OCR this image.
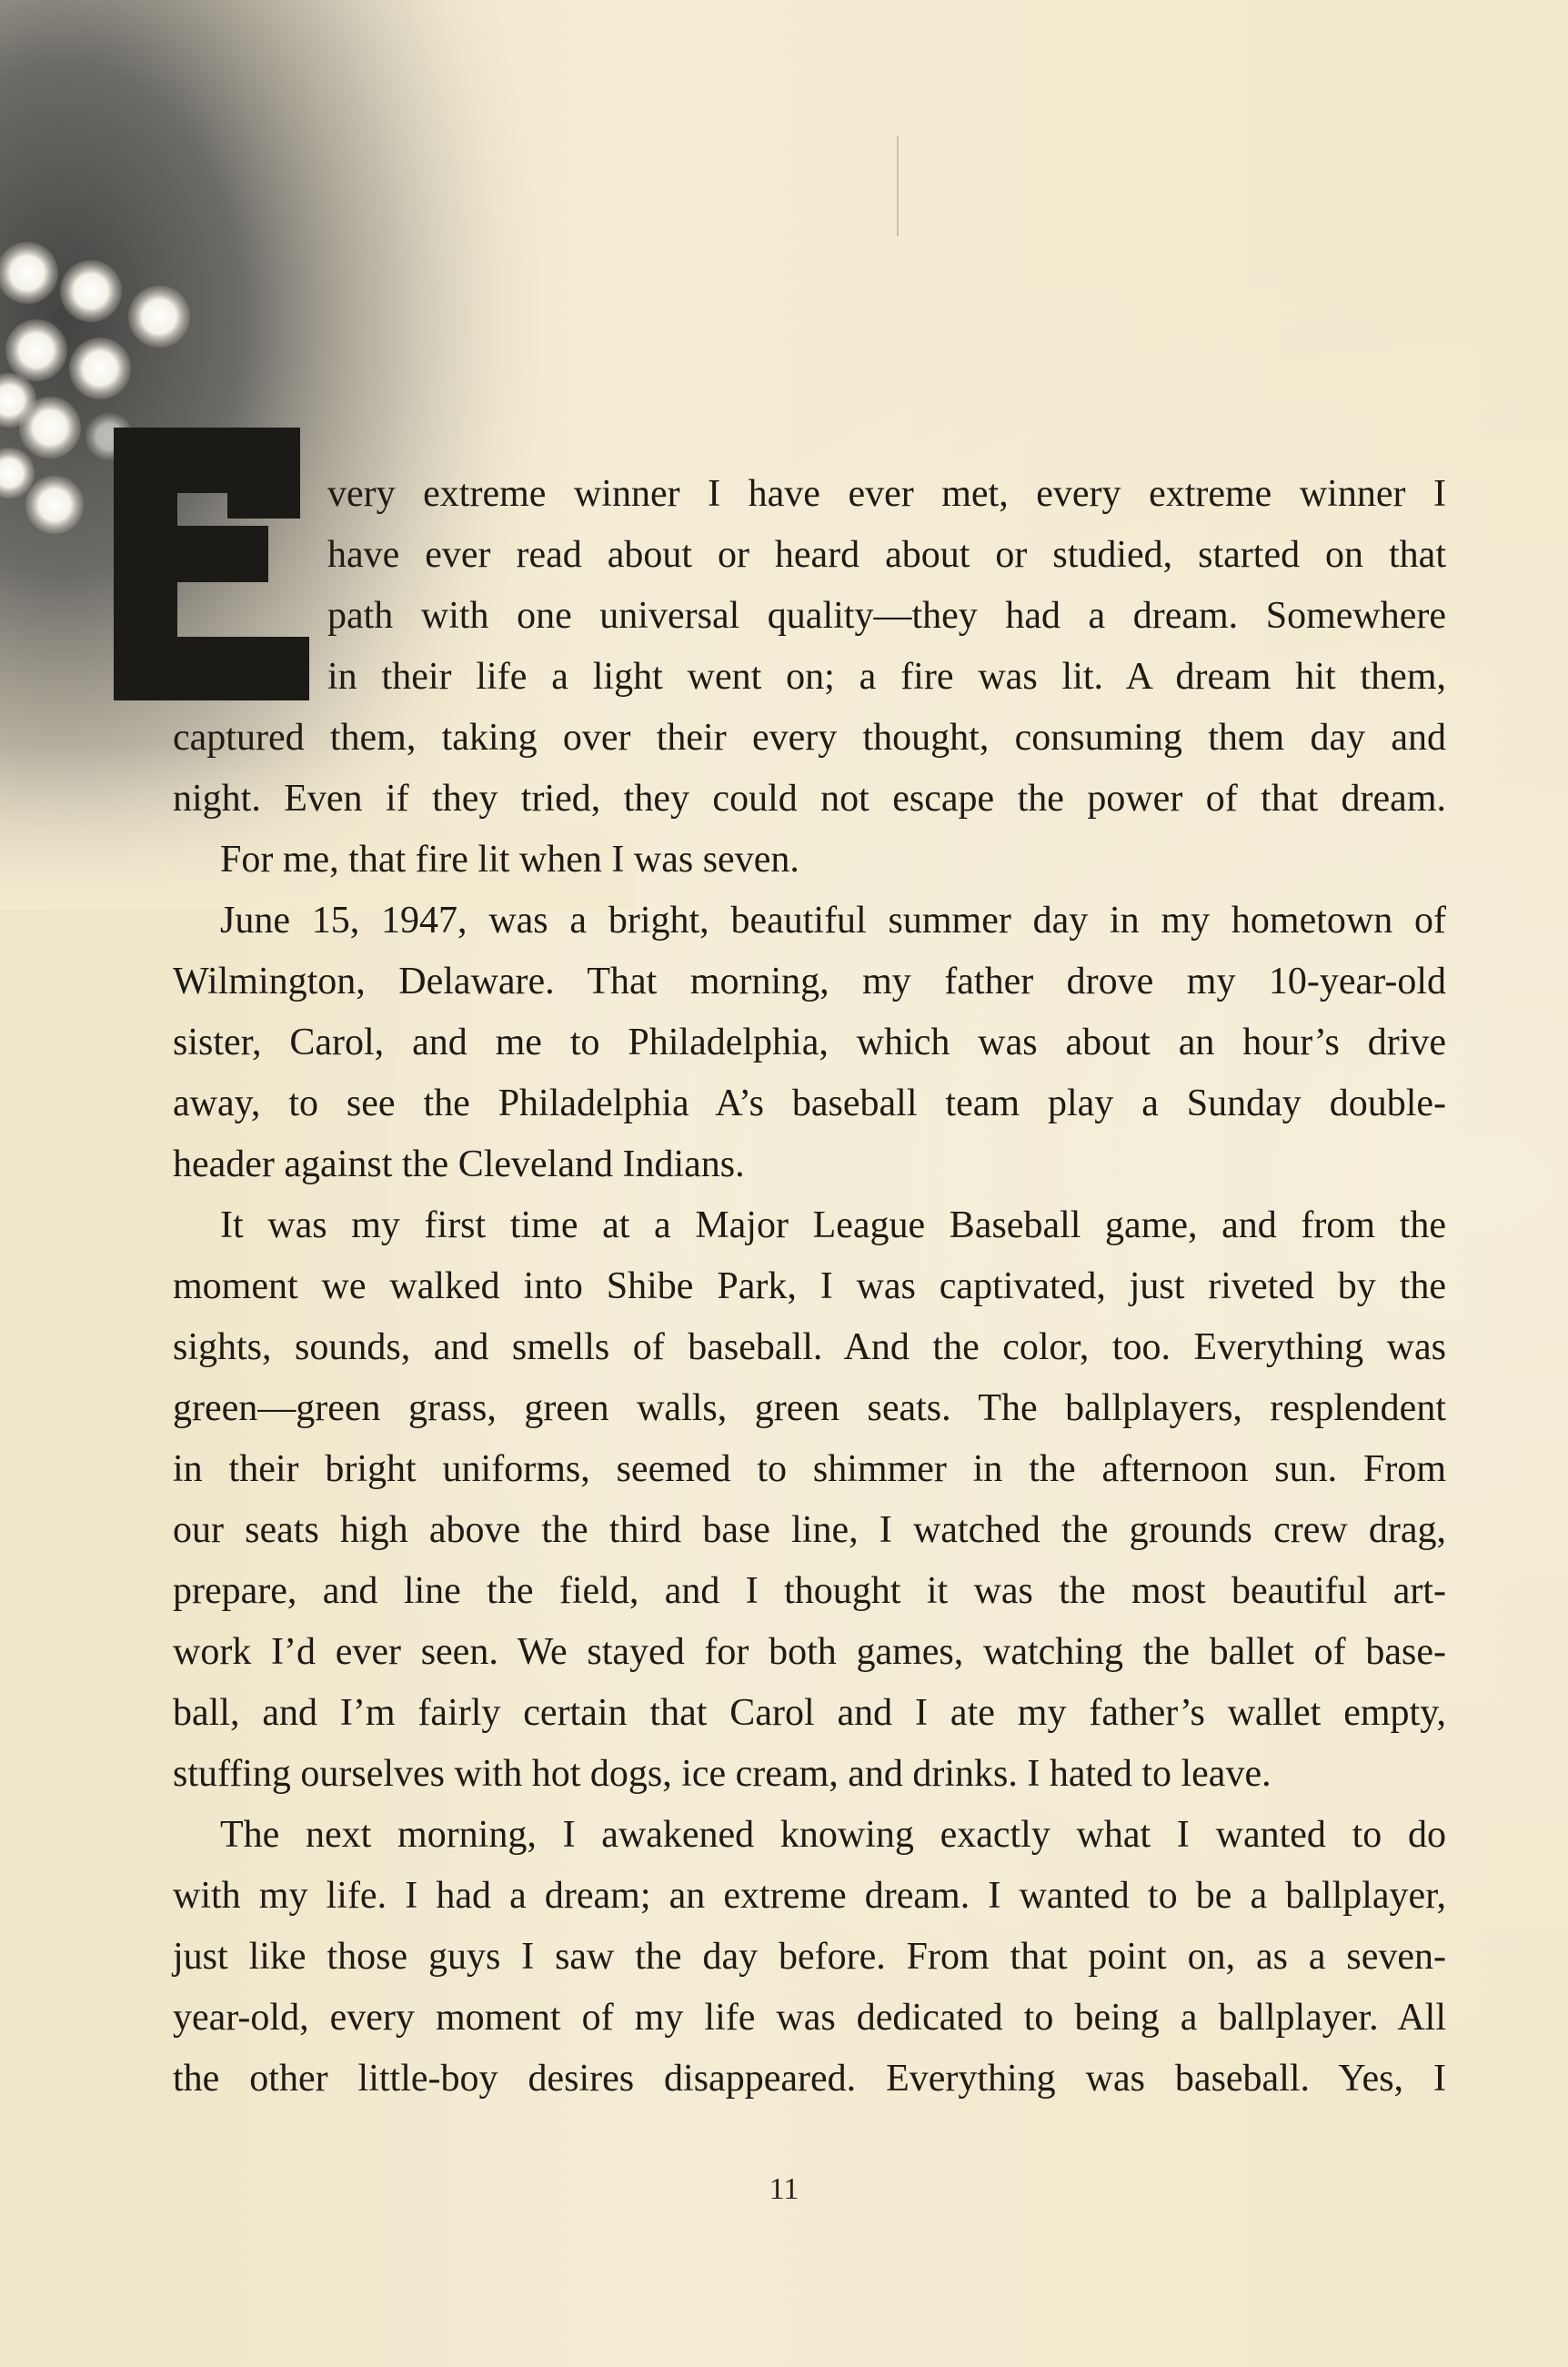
very extreme winner I have ever met, every extreme winner I
have ever read about or heard about or studied, started on that
path with one universal quality—they had a dream. Somewhere
in their life a light went on; a fire was lit. A dream hit them,
captured them, taking over their every thought, consuming them day and
night. Even if they tried, they could not escape the power of that dream.
For me, that fire lit when I was seven.
June 15, 1947, was a bright, beautiful summer day in my hometown of
Wilmington, Delaware. That morning, my father drove my 10-year-old
sister, Carol, and me to Philadelphia, which was about an hour’s drive
away, to see the Philadelphia A’s baseball team play a Sunday double-
header against the Cleveland Indians.
It was my first time at a Major League Baseball game, and from the
moment we walked into Shibe Park, I was captivated, just riveted by the
sights, sounds, and smells of baseball. And the color, too. Everything was
green—green grass, green walls, green seats. The ballplayers, resplendent
in their bright uniforms, seemed to shimmer in the afternoon sun. From
our seats high above the third base line, I watched the grounds crew drag,
prepare, and line the field, and I thought it was the most beautiful art-
work I’d ever seen. We stayed for both games, watching the ballet of base-
ball, and I’m fairly certain that Carol and I ate my father’s wallet empty,
stuffing ourselves with hot dogs, ice cream, and drinks. I hated to leave.
The next morning, I awakened knowing exactly what I wanted to do
with my life. I had a dream; an extreme dream. I wanted to be a ballplayer,
just like those guys I saw the day before. From that point on, as a seven-
year-old, every moment of my life was dedicated to being a ballplayer. All
the other little-boy desires disappeared. Everything was baseball. Yes, I
11
